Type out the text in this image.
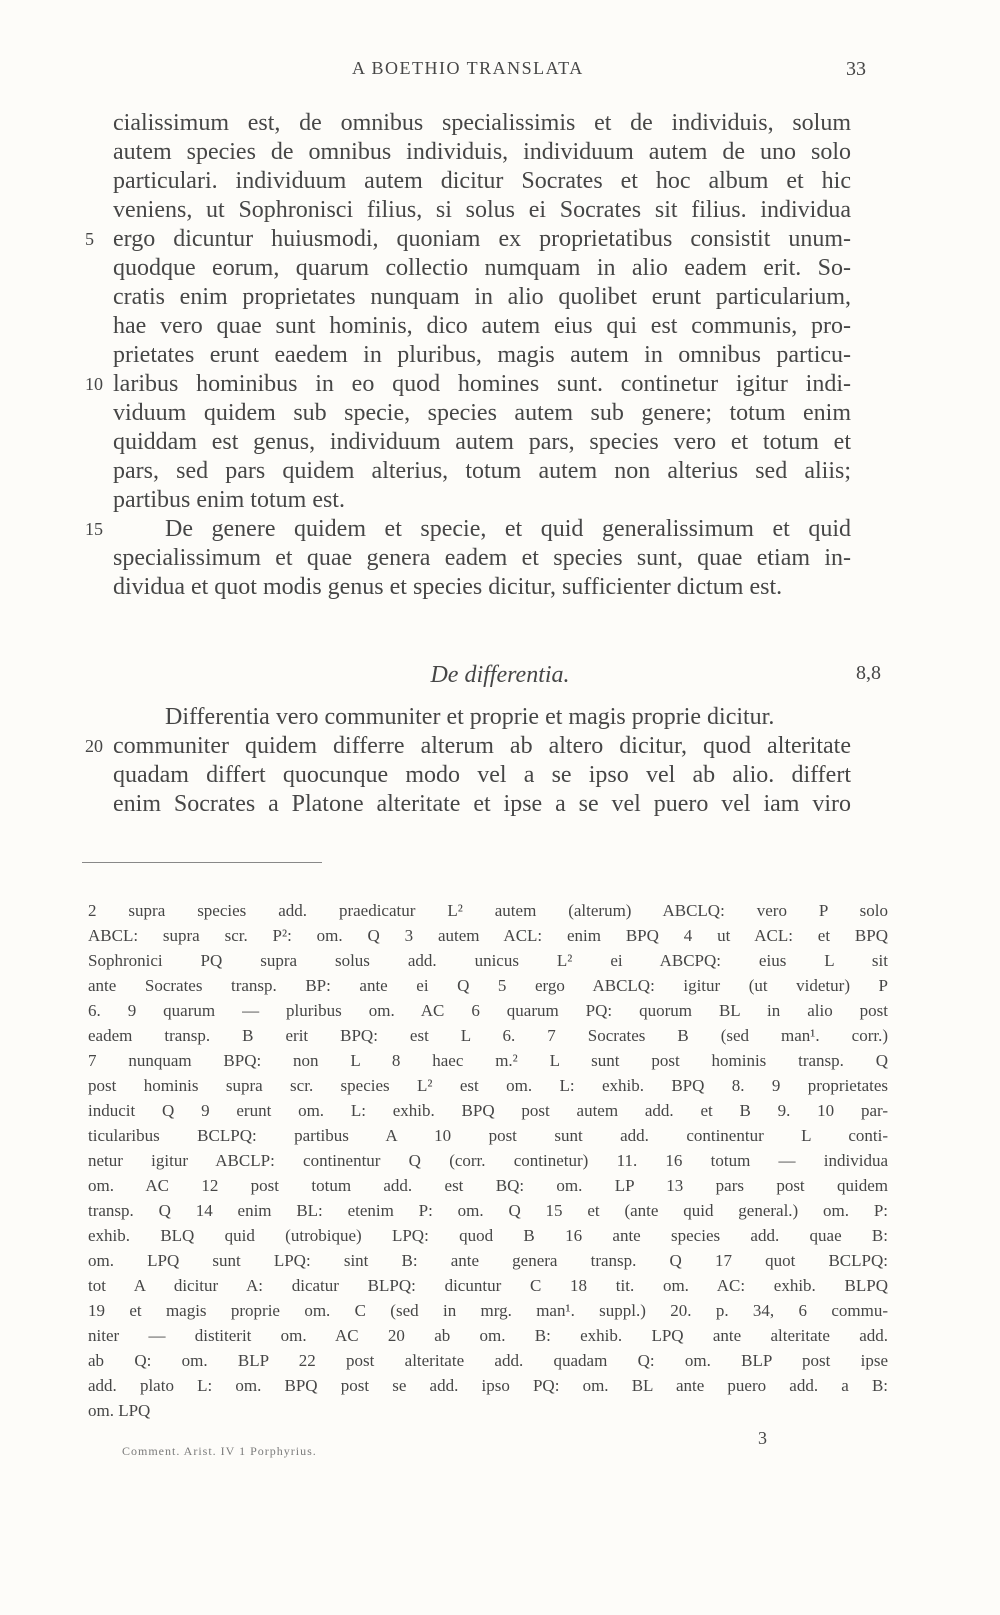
A BOETHIO TRANSLATA	33
cialissimum est, de omnibus specialissimis et de individuis, solum
autem species de omnibus individuis, individuum autem de uno solo
particulari. individuum autem dicitur Socrates et hoc album et hic
veniens, ut Sophronisci filius, si solus ei Socrates sit filius. individua
ergo dicuntur huiusmodi, quoniam ex proprietatibus consistit unum-
quodque eorum, quarum collectio numquam in alio eadem erit. So-
cratis enim proprietates nunquam in alio quolibet erunt particularium,
hae vero quae sunt hominis, dico autem eius qui est communis, pro-
prietates erunt eaedem in pluribus, magis autem in omnibus particu-
laribus hominibus in eo quod homines sunt. continetur igitur indi-
viduum quidem sub specie, species autem sub genere; totum enim
quiddam est genus, individuum autem pars, species vero et totum et
pars, sed pars quidem alterius, totum autem non alterius sed aliis;
partibus enim totum est.
De genere quidem et specie, et quid generalissimum et quid
specialissimum et quae genera eadem et species sunt, quae etiam in-
dividua et quot modis genus et species dicitur, sufficienter dictum est.
5
10
15
20
De differentia.	8,8
Differentia vero communiter et proprie et magis proprie dicitur.
communiter quidem differre alterum ab altero dicitur, quod alteritate
quadam differt quocunque modo vel a se ipso vel ab alio. differt
enim Socrates a Platone alteritate et ipse a se vel puero vel iam viro
2 supra species add. praedicatur L² autem (alterum) ABCLQ: vero P solo
ABCL: supra scr. P²: om. Q 3 autem ACL: enim BPQ 4 ut ACL: et BPQ
Sophronici PQ supra solus add. unicus L² ei ABCPQ: eius L sit
ante Socrates transp. BP: ante ei Q 5 ergo ABCLQ: igitur (ut videtur) P
6. 9 quarum — pluribus om. AC 6 quarum PQ: quorum BL in alio post
eadem transp. B erit BPQ: est L 6. 7 Socrates B (sed man¹. corr.)
7 nunquam BPQ: non L 8 haec m.² L sunt post hominis transp. Q
post hominis supra scr. species L² est om. L: exhib. BPQ 8. 9 proprietates
inducit Q 9 erunt om. L: exhib. BPQ post autem add. et B 9. 10 par-
ticularibus BCLPQ: partibus A 10 post sunt add. continentur L conti-
netur igitur ABCLP: continentur Q (corr. continetur) 11. 16 totum — individua
om. AC 12 post totum add. est BQ: om. LP 13 pars post quidem
transp. Q 14 enim BL: etenim P: om. Q 15 et (ante quid general.) om. P:
exhib. BLQ quid (utrobique) LPQ: quod B 16 ante species add. quae B:
om. LPQ sunt LPQ: sint B: ante genera transp. Q 17 quot BCLPQ:
tot A dicitur A: dicatur BLPQ: dicuntur C 18 tit. om. AC: exhib. BLPQ
19 et magis proprie om. C (sed in mrg. man¹. suppl.) 20. p. 34, 6 commu-
niter — distiterit om. AC 20 ab om. B: exhib. LPQ ante alteritate add.
ab Q: om. BLP 22 post alteritate add. quadam Q: om. BLP post ipse
add. plato L: om. BPQ post se add. ipso PQ: om. BL ante puero add. a B:
om. LPQ
Comment. Arist. IV 1 Porphyrius.
3
